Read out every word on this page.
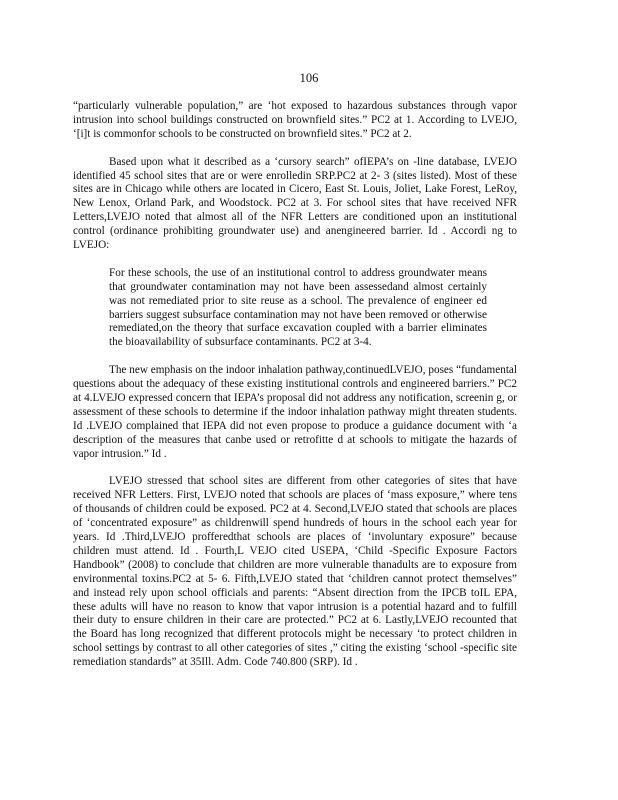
106

“particularly vulnerable population,” are ‘hot exposed to hazardous substances through vapor intrusion into school buildings constructed on brownfield sites.” PC2 at 1. According to LVEJO, ‘[i]t is commonfor schools to be constructed on brownfield sites.” PC2 at 2.

Based upon what it described as a ‘cursory search” ofIEPA’s on -line database, LVEJO identified 45 school sites that are or were enrolledin SRP.PC2 at 2- 3 (sites listed). Most of these sites are in Chicago while others are located in Cicero, East St. Louis, Joliet, Lake Forest, LeRoy, New Lenox, Orland Park, and Woodstock. PC2 at 3. For school sites that have received NFR Letters,LVEJO noted that almost all of the NFR Letters are conditioned upon an institutional control (ordinance prohibiting groundwater use) and anengineered barrier. Id . Accordi ng to LVEJO:

For these schools, the use of an institutional control to address groundwater means that groundwater contamination may not have been assessedand almost certainly was not remediated prior to site reuse as a school. The prevalence of engineer ed barriers suggest subsurface contamination may not have been removed or otherwise remediated,on the theory that surface excavation coupled with a barrier eliminates the bioavailability of subsurface contaminants. PC2 at 3-4.

The new emphasis on the indoor inhalation pathway,continuedLVEJO, poses “fundamental questions about the adequacy of these existing institutional controls and engineered barriers.” PC2 at 4.LVEJO expressed concern that IEPA’s proposal did not address any notification, screenin g, or assessment of these schools to determine if the indoor inhalation pathway might threaten students. Id .LVEJO complained that IEPA did not even propose to produce a guidance document with ‘a description of the measures that canbe used or retrofitte d at schools to mitigate the hazards of vapor intrusion.” Id .

LVEJO stressed that school sites are different from other categories of sites that have received NFR Letters. First, LVEJO noted that schools are places of ‘mass exposure,” where tens of thousands of children could be exposed. PC2 at 4. Second,LVEJO stated that schools are places of ‘concentrated exposure” as childrenwill spend hundreds of hours in the school each year for years. Id .Third,LVEJO profferedthat schools are places of ‘involuntary exposure” because children must attend. Id . Fourth,L VEJO cited USEPA, ‘Child -Specific Exposure Factors Handbook” (2008) to conclude that children are more vulnerable thanadults are to exposure from environmental toxins.PC2 at 5- 6. Fifth,LVEJO stated that ‘children cannot protect themselves” and instead rely upon school officials and parents: “Absent direction from the IPCB toIL EPA, these adults will have no reason to know that vapor intrusion is a potential hazard and to fulfill their duty to ensure children in their care are protected.” PC2 at 6. Lastly,LVEJO recounted that the Board has long recognized that different protocols might be necessary ‘to protect children in school settings by contrast to all other categories of sites ,” citing the existing ‘school -specific site remediation standards” at 35Ill. Adm. Code 740.800 (SRP). Id .
